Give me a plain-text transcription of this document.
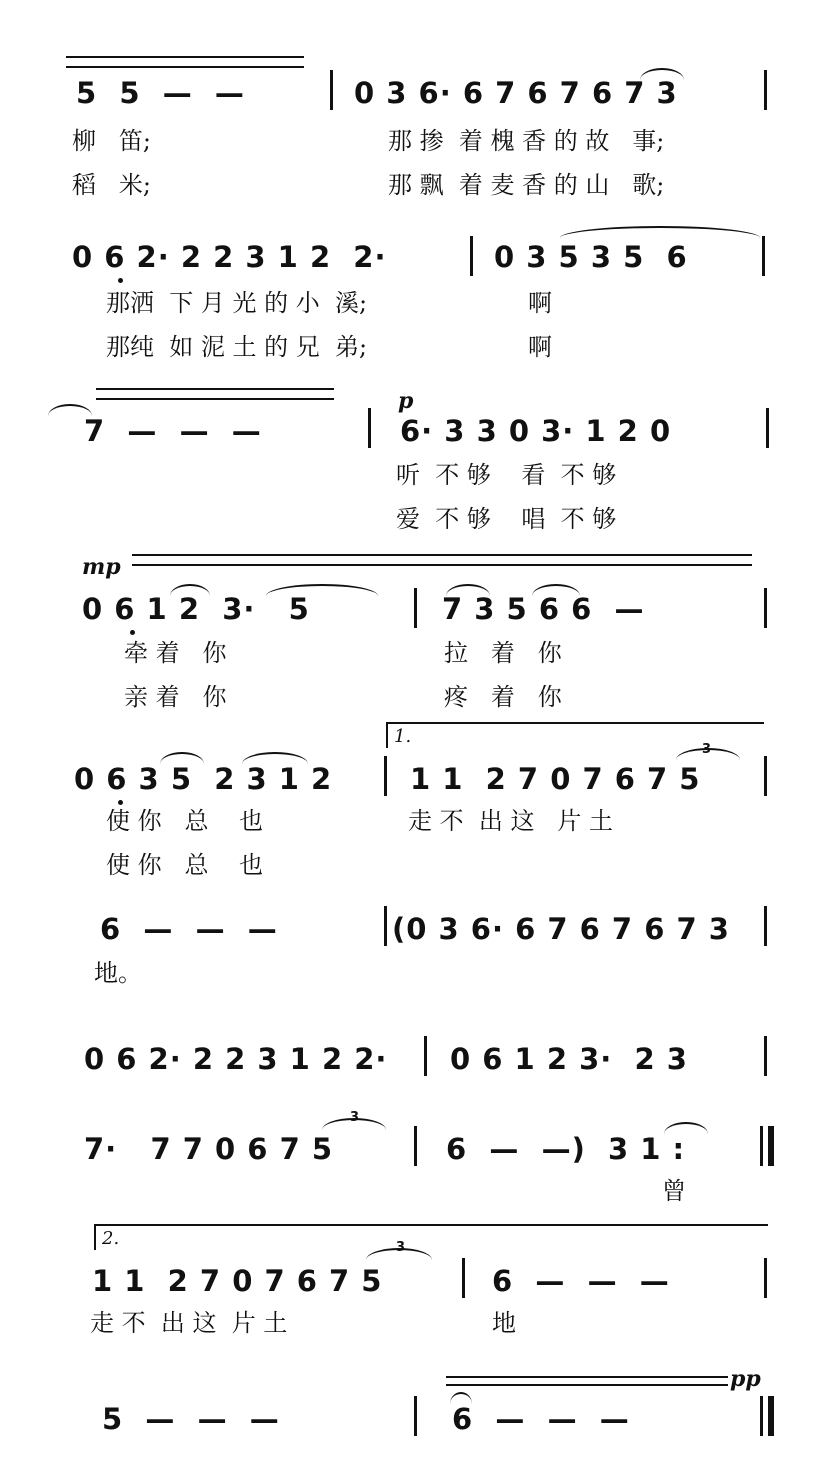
5  5  —  —	0 3 6· 6 7 6 7 6 7 3
柳   笛;	那 掺  着 槐 香 的 故   事;
稻   米;	那 飘  着 麦 香 的 山   歌;
0 6 2· 2 2 3 1 2  2·	0 3 5 3 5  6
那洒  下 月 光 的 小  溪;	啊
那纯  如 泥 土 的 兄  弟;	啊
7  —  —  —
p
6· 3 3 0 3· 1 2 0
听  不 够    看  不 够
爱  不 够    唱  不 够
mp
0 6 1 2  3·   5	7 3 5 6 6  —
牵 着   你	拉   着   你
亲 着   你	疼   着   你
1.
0 6 3 5  2 3 1 2	1 1  2 7 0 7 6 7 5
3
使 你   总    也	走 不  出 这   片 土
使 你   总    也
6  —  —  —	(0 3 6· 6 7 6 7 6 7 3
地。
0 6 2· 2 2 3 1 2 2· 0 6 1 2 3·  2 3
7·   7 7 0 6 7 5
3
6  —  —)  3 1 :
曾
2.
1 1  2 7 0 7 6 7 5
3
6  —  —  —
走 不  出 这  片 土	地
pp
5  —  —  —	6  —  —  —
